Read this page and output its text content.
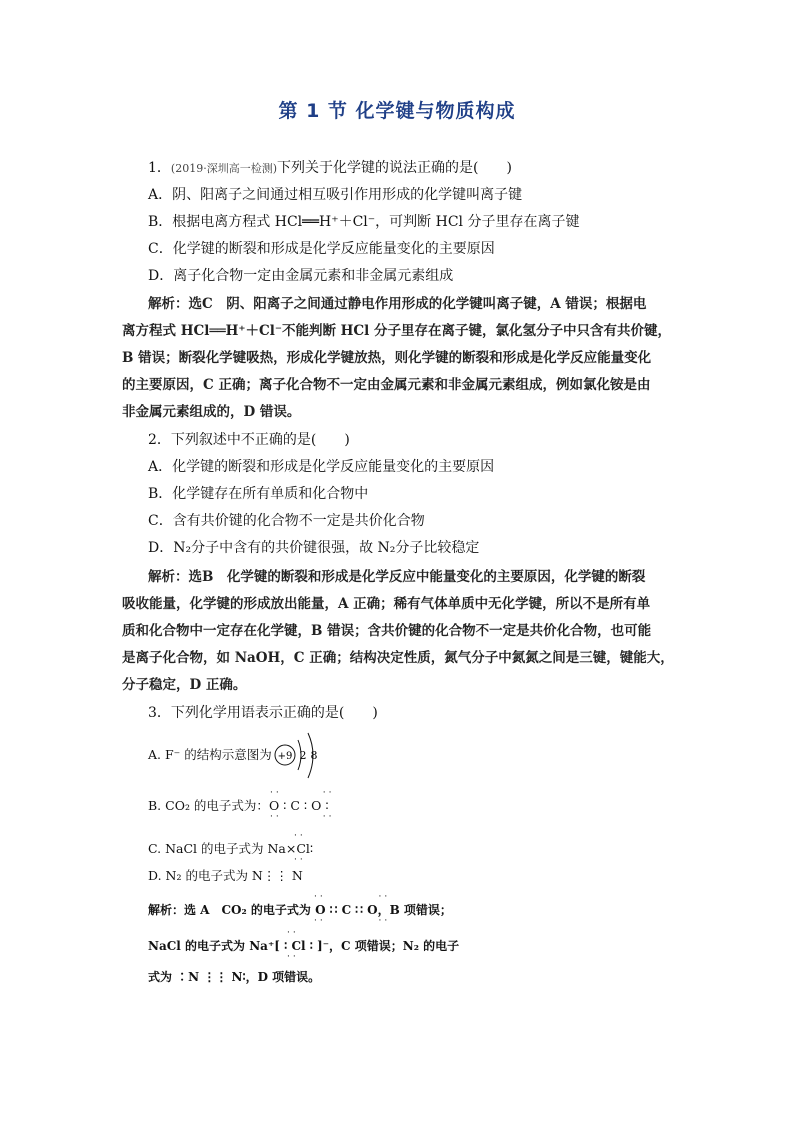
第 1 节 化学键与物质构成
1．(2019·深圳高一检测)下列关于化学键的说法正确的是(　　)
A．阴、阳离子之间通过相互吸引作用形成的化学键叫离子键
B．根据电离方程式 HCl══H⁺＋Cl⁻，可判断 HCl 分子里存在离子键
C．化学键的断裂和形成是化学反应能量变化的主要原因
D．离子化合物一定由金属元素和非金属元素组成
解析：选C　阴、阳离子之间通过静电作用形成的化学键叫离子键，A 错误；根据电
离方程式 HCl══H⁺＋Cl⁻不能判断 HCl 分子里存在离子键，氯化氢分子中只含有共价键，
B 错误；断裂化学键吸热，形成化学键放热，则化学键的断裂和形成是化学反应能量变化
的主要原因，C 正确；离子化合物不一定由金属元素和非金属元素组成，例如氯化铵是由
非金属元素组成的，D 错误。
2．下列叙述中不正确的是(　　)
A．化学键的断裂和形成是化学反应能量变化的主要原因
B．化学键存在所有单质和化合物中
C．含有共价键的化合物不一定是共价化合物
D．N₂分子中含有的共价键很强，故 N₂分子比较稳定
解析：选B　化学键的断裂和形成是化学反应中能量变化的主要原因，化学键的断裂
吸收能量，化学键的形成放出能量，A 正确；稀有气体单质中无化学键，所以不是所有单
质和化合物中一定存在化学键，B 错误；含共价键的化合物不一定是共价化合物，也可能
是离子化合物，如 NaOH，C 正确；结构决定性质，氮气分子中氮氮之间是三键，键能大，
分子稳定，D 正确。
3．下列化学用语表示正确的是(　　)
A. F⁻ 的结构示意图为 +9 2 8
B. CO₂ 的电子式为：O ∶ C ∶ O ∶
··       ··
··       ··
C. NaCl 的电子式为 Na×Cl∶
··
··
D. N₂ 的电子式为 N⋮⋮ N
解析：选 A　CO₂ 的电子式为 O ∷ C ∷ O，B 项错误；
··         ··
··         ··
NaCl 的电子式为 Na⁺[ ∶ Cl ∶ ]⁻，C 项错误；N₂ 的电子
··
··
式为 ∶N ⋮⋮ N∶，D 项错误。
